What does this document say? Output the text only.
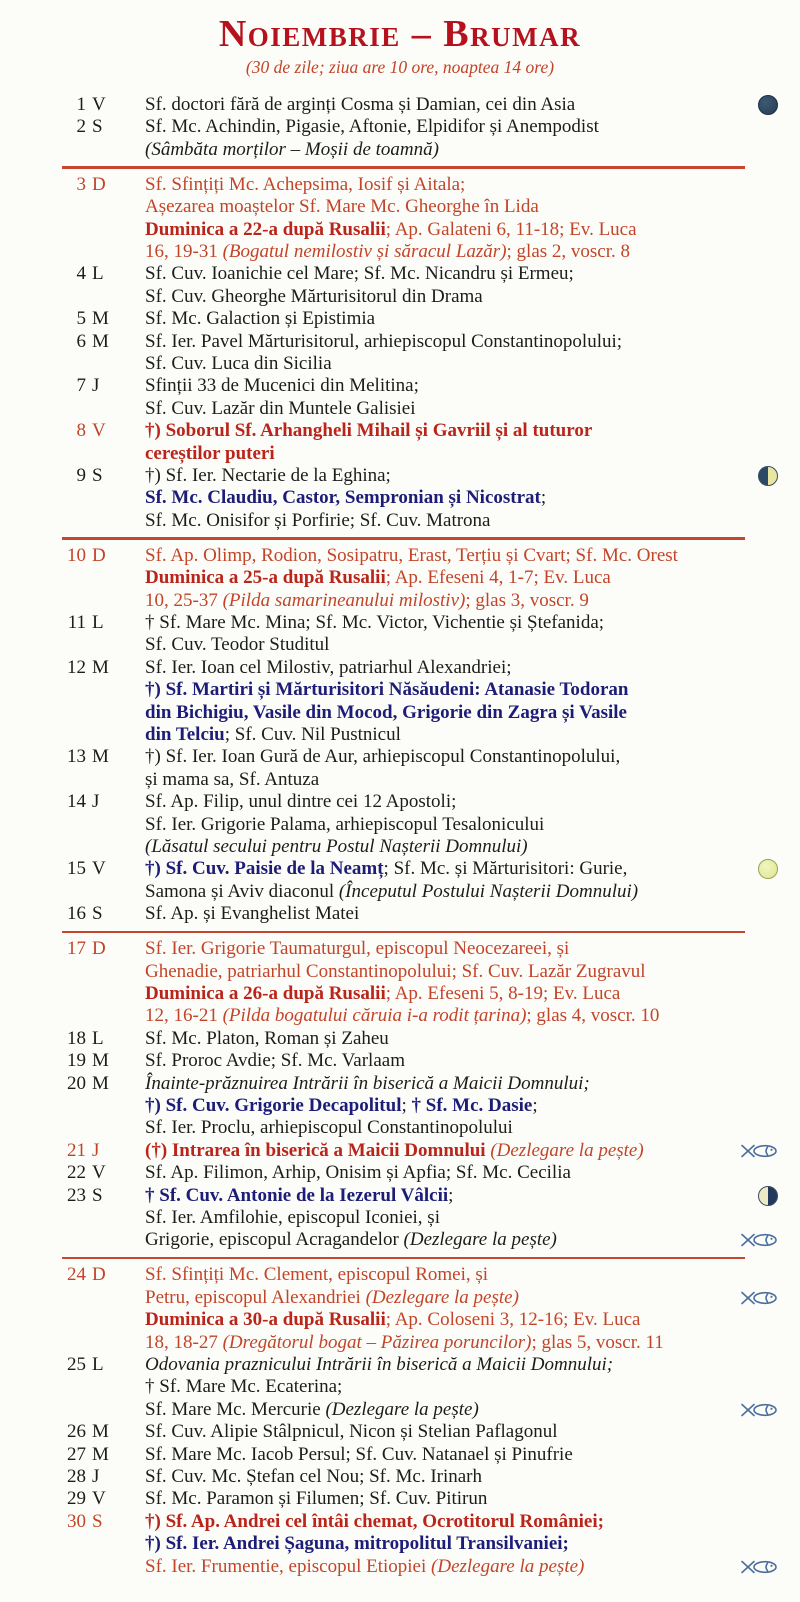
Noiembrie – Brumar
(30 de zile; ziua are 10 ore, noaptea 14 ore)
1 V	Sf. doctori fără de arginți Cosma și Damian, cei din Asia
2 S	Sf. Mc. Achindin, Pigasie, Aftonie, Elpidifor și Anempodist
(Sâmbăta morților – Moșii de toamnă)
3 D	Sf. Sfințiți Mc. Achepsima, Iosif și Aitala;
Așezarea moaștelor Sf. Mare Mc. Gheorghe în Lida
Duminica a 22-a după Rusalii; Ap. Galateni 6, 11-18; Ev. Luca
16, 19-31 (Bogatul nemilostiv și săracul Lazăr); glas 2, voscr. 8
4 L	Sf. Cuv. Ioanichie cel Mare; Sf. Mc. Nicandru și Ermeu;
Sf. Cuv. Gheorghe Mărturisitorul din Drama
5 M	Sf. Mc. Galaction și Epistimia
6 M	Sf. Ier. Pavel Mărturisitorul, arhiepiscopul Constantinopolului;
Sf. Cuv. Luca din Sicilia
7 J	Sfinții 33 de Mucenici din Melitina;
Sf. Cuv. Lazăr din Muntele Galisiei
8 V	†) Soborul Sf. Arhangheli Mihail și Gavriil și al tuturor
cereștilor puteri
9 S	†) Sf. Ier. Nectarie de la Eghina;
Sf. Mc. Claudiu, Castor, Sempronian și Nicostrat;
Sf. Mc. Onisifor și Porfirie; Sf. Cuv. Matrona
10 D	Sf. Ap. Olimp, Rodion, Sosipatru, Erast, Terțiu și Cvart; Sf. Mc. Orest
Duminica a 25-a după Rusalii; Ap. Efeseni 4, 1-7; Ev. Luca
10, 25-37 (Pilda samarineanului milostiv); glas 3, voscr. 9
11 L	† Sf. Mare Mc. Mina; Sf. Mc. Victor, Vichentie și Ștefanida;
Sf. Cuv. Teodor Studitul
12 M	Sf. Ier. Ioan cel Milostiv, patriarhul Alexandriei;
†) Sf. Martiri și Mărturisitori Năsăudeni: Atanasie Todoran
din Bichigiu, Vasile din Mocod, Grigorie din Zagra și Vasile
din Telciu; Sf. Cuv. Nil Pustnicul
13 M	†) Sf. Ier. Ioan Gură de Aur, arhiepiscopul Constantinopolului,
și mama sa, Sf. Antuza
14 J	Sf. Ap. Filip, unul dintre cei 12 Apostoli;
Sf. Ier. Grigorie Palama, arhiepiscopul Tesalonicului
(Lăsatul secului pentru Postul Nașterii Domnului)
15 V	†) Sf. Cuv. Paisie de la Neamț; Sf. Mc. și Mărturisitori: Gurie,
Samona și Aviv diaconul (Începutul Postului Nașterii Domnului)
16 S	Sf. Ap. și Evanghelist Matei
17 D	Sf. Ier. Grigorie Taumaturgul, episcopul Neocezareei, și
Ghenadie, patriarhul Constantinopolului; Sf. Cuv. Lazăr Zugravul
Duminica a 26-a după Rusalii; Ap. Efeseni 5, 8-19; Ev. Luca
12, 16-21 (Pilda bogatului căruia i-a rodit țarina); glas 4, voscr. 10
18 L	Sf. Mc. Platon, Roman și Zaheu
19 M	Sf. Proroc Avdie; Sf. Mc. Varlaam
20 M	Înainte-prăznuirea Intrării în biserică a Maicii Domnului;
†) Sf. Cuv. Grigorie Decapolitul; † Sf. Mc. Dasie;
Sf. Ier. Proclu, arhiepiscopul Constantinopolului
21 J	(†) Intrarea în biserică a Maicii Domnului (Dezlegare la pește)
22 V	Sf. Ap. Filimon, Arhip, Onisim și Apfia; Sf. Mc. Cecilia
23 S	† Sf. Cuv. Antonie de la Iezerul Vâlcii;
Sf. Ier. Amfilohie, episcopul Iconiei, și
Grigorie, episcopul Acragandelor (Dezlegare la pește)
24 D	Sf. Sfințiți Mc. Clement, episcopul Romei, și
Petru, episcopul Alexandriei (Dezlegare la pește)
Duminica a 30-a după Rusalii; Ap. Coloseni 3, 12-16; Ev. Luca
18, 18-27 (Dregătorul bogat – Păzirea poruncilor); glas 5, voscr. 11
25 L	Odovania praznicului Intrării în biserică a Maicii Domnului;
† Sf. Mare Mc. Ecaterina;
Sf. Mare Mc. Mercurie (Dezlegare la pește)
26 M	Sf. Cuv. Alipie Stâlpnicul, Nicon și Stelian Paflagonul
27 M	Sf. Mare Mc. Iacob Persul; Sf. Cuv. Natanael și Pinufrie
28 J	Sf. Cuv. Mc. Ștefan cel Nou; Sf. Mc. Irinarh
29 V	Sf. Mc. Paramon și Filumen; Sf. Cuv. Pitirun
30 S	†) Sf. Ap. Andrei cel întâi chemat, Ocrotitorul României;
†) Sf. Ier. Andrei Șaguna, mitropolitul Transilvaniei;
Sf. Ier. Frumentie, episcopul Etiopiei (Dezlegare la pește)
